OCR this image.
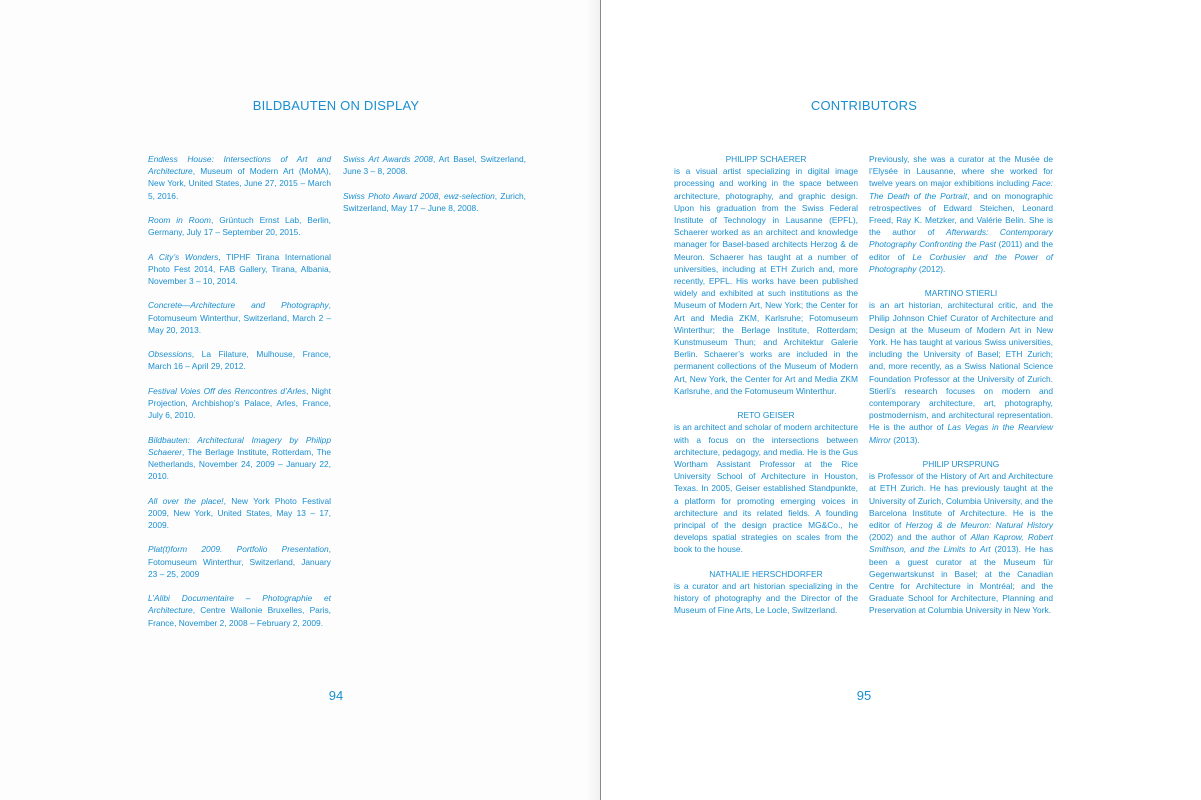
BILDBAUTEN ON DISPLAY
Endless House: Intersections of Art and Architecture, Museum of Modern Art (MoMA), New York, United States, June 27, 2015 – March 5, 2016.
Room in Room, Grüntuch Ernst Lab, Berlin, Germany, July 17 – September 20, 2015.
A City’s Wonders, TIPHF Tirana International Photo Fest 2014, FAB Gallery, Tirana, Albania, November 3 – 10, 2014.
Concrete—Architecture and Photography, Fotomuseum Winterthur, Switzerland, March 2 – May 20, 2013.
Obsessions, La Filature, Mulhouse, France, March 16 – April 29, 2012.
Festival Voies Off des Rencontres d’Arles, Night Projection, Archbishop’s Palace, Arles, France, July 6, 2010.
Bildbauten: Architectural Imagery by Philipp Schaerer, The Berlage Institute, Rotterdam, The Netherlands, November 24, 2009 – January 22, 2010.
All over the place!, New York Photo Festival 2009, New York, United States, May 13 – 17, 2009.
Plat(t)form 2009. Portfolio Presentation, Fotomuseum Winterthur, Switzerland, January 23 – 25, 2009
L’Alibi Documentaire – Photographie et Architecture, Centre Wallonie Bruxelles, Paris, France, November 2, 2008 – February 2, 2009.
Swiss Art Awards 2008, Art Basel, Switzerland, June 3 – 8, 2008.
Swiss Photo Award 2008, ewz-selection, Zurich, Switzerland, May 17 – June 8, 2008.
94
CONTRIBUTORS
PHILIPP SCHAERER

is a visual artist specializing in digital image processing and working in the space between architecture, photography, and graphic design. Upon his graduation from the Swiss Federal Institute of Technology in Lausanne (EPFL), Schaerer worked as an architect and knowledge manager for Basel-based architects Herzog & de Meuron. Schaerer has taught at a number of universities, including at ETH Zurich and, more recently, EPFL. His works have been published widely and exhibited at such institutions as the Museum of Modern Art, New York; the Center for Art and Media ZKM, Karlsruhe; Fotomuseum Winterthur; the Berlage Institute, Rotterdam; Kunstmuseum Thun; and Architektur Galerie Berlin. Schaerer’s works are included in the permanent collections of the Museum of Modern Art, New York, the Center for Art and Media ZKM Karlsruhe, and the Fotomuseum Winterthur.

RETO GEISER

is an architect and scholar of modern architecture with a focus on the intersections between architecture, pedagogy, and media. He is the Gus Wortham Assistant Professor at the Rice University School of Architecture in Houston, Texas. In 2005, Geiser established Standpunkte, a platform for promoting emerging voices in architecture and its related fields. A founding principal of the design practice MG&Co., he develops spatial strategies on scales from the book to the house.

NATHALIE HERSCHDORFER

is a curator and art historian specializing in the history of photography and the Director of the Museum of Fine Arts, Le Locle, Switzerland.

Previously, she was a curator at the Musée de l’Elysée in Lausanne, where she worked for twelve years on major exhibitions including Face: The Death of the Portrait, and on monographic retrospectives of Edward Steichen, Leonard Freed, Ray K. Metzker, and Valérie Belin. She is the author of Afterwards: Contemporary Photography Confronting the Past (2011) and the editor of Le Corbusier and the Power of Photography (2012).
MARTINO STIERLI

is an art historian, architectural critic, and the Philip Johnson Chief Curator of Architecture and Design at the Museum of Modern Art in New York. He has taught at various Swiss universities, including the University of Basel; ETH Zurich; and, more recently, as a Swiss National Science Foundation Professor at the University of Zurich. Stierli’s research focuses on modern and contemporary architecture, art, photography, postmodernism, and architectural representation. He is the author of Las Vegas in the Rearview Mirror (2013).

PHILIP URSPRUNG

is Professor of the History of Art and Architecture at ETH Zurich. He has previously taught at the University of Zurich, Columbia University, and the Barcelona Institute of Architecture. He is the editor of Herzog & de Meuron: Natural History (2002) and the author of Allan Kaprow, Robert Smithson, and the Limits to Art (2013). He has been a guest curator at the Museum für Gegenwartskunst in Basel; at the Canadian Centre for Architecture in Montréal; and the Graduate School for Architecture, Planning and Preservation at Columbia University in New York.

95
